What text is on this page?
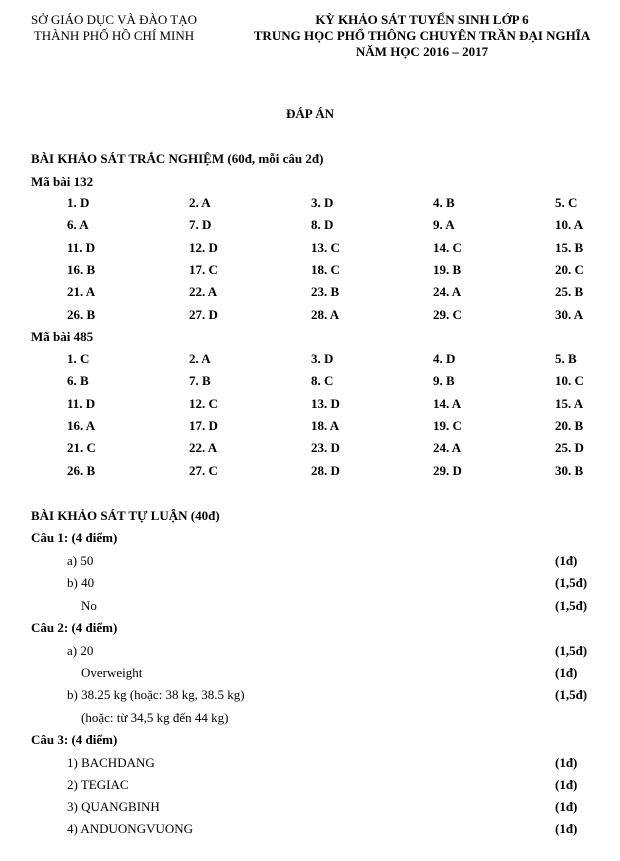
SỞ GIÁO DỤC VÀ ĐÀO TẠO
THÀNH PHỐ HỒ CHÍ MINH
KỲ KHẢO SÁT TUYỂN SINH LỚP 6
TRUNG HỌC PHỔ THÔNG CHUYÊN TRẦN ĐẠI NGHĨA
NĂM HỌC 2016 – 2017
ĐÁP ÁN
BÀI KHẢO SÁT TRẮC NGHIỆM (60đ, mỗi câu 2đ)
Mã bài 132
1. D	2. A	3. D	4. B	5. C
6. A	7. D	8. D	9. A	10. A
11. D	12. D	13. C	14. C	15. B
16. B	17. C	18. C	19. B	20. C
21. A	22. A	23. B	24. A	25. B
26. B	27. D	28. A	29. C	30. A
Mã bài 485
1. C	2. A	3. D	4. D	5. B
6. B	7. B	8. C	9. B	10. C
11. D	12. C	13. D	14. A	15. A
16. A	17. D	18. A	19. C	20. B
21. C	22. A	23. D	24. A	25. D
26. B	27. C	28. D	29. D	30. B
BÀI KHẢO SÁT TỰ LUẬN (40đ)
Câu 1: (4 điểm)
a) 50	(1đ)
b) 40	(1,5đ)
No	(1,5đ)
Câu 2: (4 điểm)
a) 20	(1,5đ)
Overweight	(1đ)
b) 38.25 kg (hoặc: 38 kg, 38.5 kg)	(1,5đ)
(hoặc: từ 34,5 kg đến 44 kg)
Câu 3: (4 điểm)
1) BACHDANG	(1đ)
2) TEGIAC	(1đ)
3) QUANGBINH	(1đ)
4) ANDUONGVUONG	(1đ)
